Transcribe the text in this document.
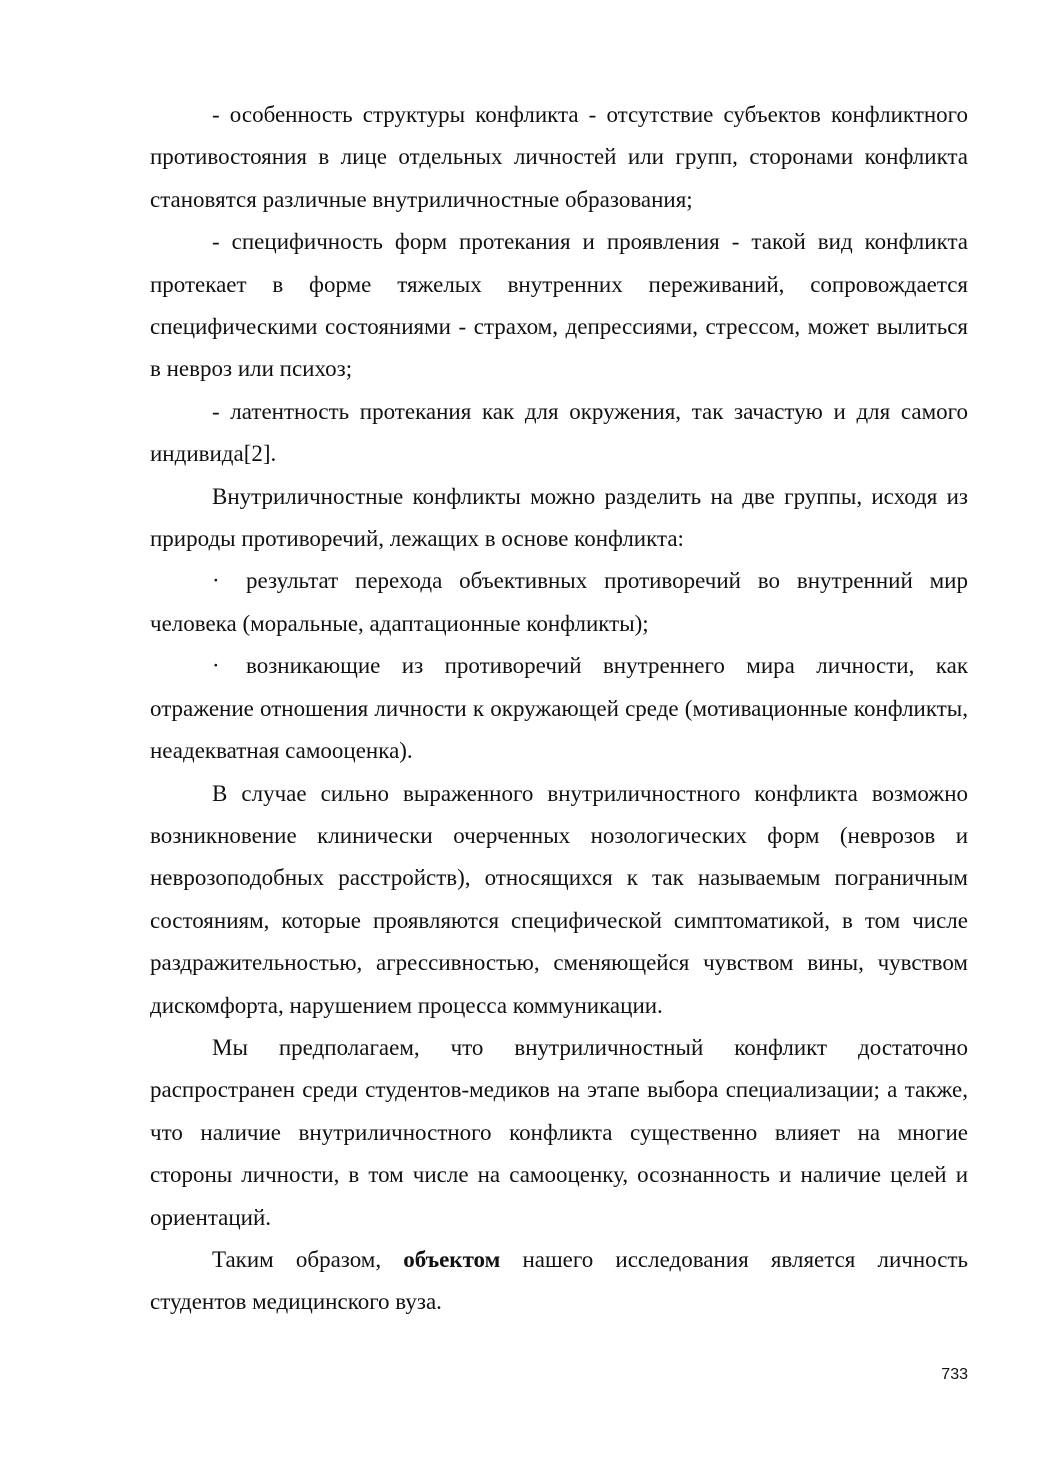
- особенность структуры конфликта - отсутствие субъектов конфликтного противостояния в лице отдельных личностей или групп, сторонами конфликта становятся различные внутриличностные образования;

- специфичность форм протекания и проявления - такой вид конфликта протекает в форме тяжелых внутренних переживаний, сопровождается специфическими состояниями - страхом, депрессиями, стрессом, может вылиться в невроз или психоз;

- латентность протекания как для окружения, так зачастую и для самого индивида[2].

Внутриличностные конфликты можно разделить на две группы, исходя из природы противоречий, лежащих в основе конфликта:

· результат перехода объективных противоречий во внутренний мир человека (моральные, адаптационные конфликты);

· возникающие из противоречий внутреннего мира личности, как отражение отношения личности к окружающей среде (мотивационные конфликты, неадекватная самооценка).

В случае сильно выраженного внутриличностного конфликта возможно возникновение клинически очерченных нозологических форм (неврозов и неврозоподобных расстройств), относящихся к так называемым пограничным состояниям, которые проявляются специфической симптоматикой, в том числе раздражительностью, агрессивностью, сменяющейся чувством вины, чувством дискомфорта, нарушением процесса коммуникации.

Мы предполагаем, что внутриличностный конфликт достаточно распространен среди студентов-медиков на этапе выбора специализации; а также, что наличие внутриличностного конфликта существенно влияет на многие стороны личности, в том числе на самооценку, осознанность и наличие целей и ориентаций.

Таким образом, объектом нашего исследования является личность студентов медицинского вуза.

733
